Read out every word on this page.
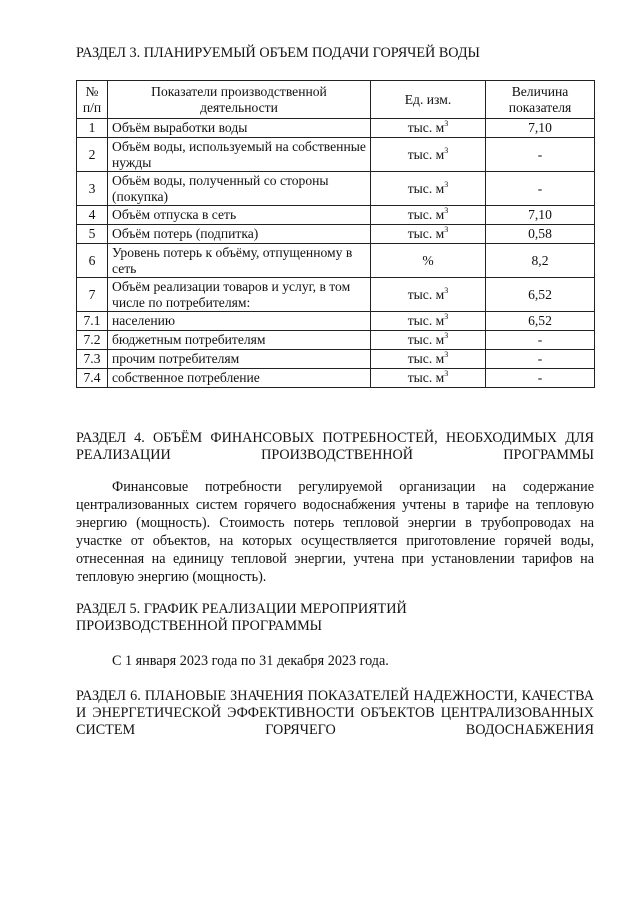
РАЗДЕЛ 3. ПЛАНИРУЕМЫЙ ОБЪЕМ ПОДАЧИ ГОРЯЧЕЙ ВОДЫ
№ п/п	Показатели производственной деятельности	Ед. изм.	Величина показателя
1	Объём выработки воды	тыс. $м^3$	7,10
2	Объём воды, используемый на собственные нужды	тыс. $м^3$	-
3	Объём воды, полученный со стороны (покупка)	тыс. $м^3$	-
4	Объём отпуска в сеть	тыс. $м^3$	7,10
5	Объём потерь (подпитка)	тыс. $м^3$	0,58
6	Уровень потерь к объёму, отпущенному в сеть	%	8,2
7	Объём реализации товаров и услуг, в том числе по потребителям:	тыс. $м^3$	6,52
7.1	населению	тыс. $м^3$	6,52
7.2	бюджетным потребителям	тыс. $м^3$	-
7.3	прочим потребителям	тыс. $м^3$	-
7.4	собственное потребление	тыс. $м^3$	-
РАЗДЕЛ 4. ОБЪЁМ ФИНАНСОВЫХ ПОТРЕБНОСТЕЙ, НЕОБХОДИМЫХ ДЛЯ РЕАЛИЗАЦИИ ПРОИЗВОДСТВЕННОЙ ПРОГРАММЫ
Финансовые потребности регулируемой организации на содержание централизованных систем горячего водоснабжения учтены в тарифе на тепловую энергию (мощность). Стоимость потерь тепловой энергии в трубопроводах на участке от объектов, на которых осуществляется приготовление горячей воды, отнесенная на единицу тепловой энергии, учтена при установлении тарифов на тепловую энергию (мощность).
РАЗДЕЛ 5. ГРАФИК РЕАЛИЗАЦИИ МЕРОПРИЯТИЙ
ПРОИЗВОДСТВЕННОЙ ПРОГРАММЫ
С 1 января 2023 года по 31 декабря 2023 года.
РАЗДЕЛ 6. ПЛАНОВЫЕ ЗНАЧЕНИЯ ПОКАЗАТЕЛЕЙ НАДЕЖНОСТИ, КАЧЕСТВА И ЭНЕРГЕТИЧЕСКОЙ ЭФФЕКТИВНОСТИ ОБЪЕКТОВ ЦЕНТРАЛИЗОВАННЫХ СИСТЕМ ГОРЯЧЕГО ВОДОСНАБЖЕНИЯ
